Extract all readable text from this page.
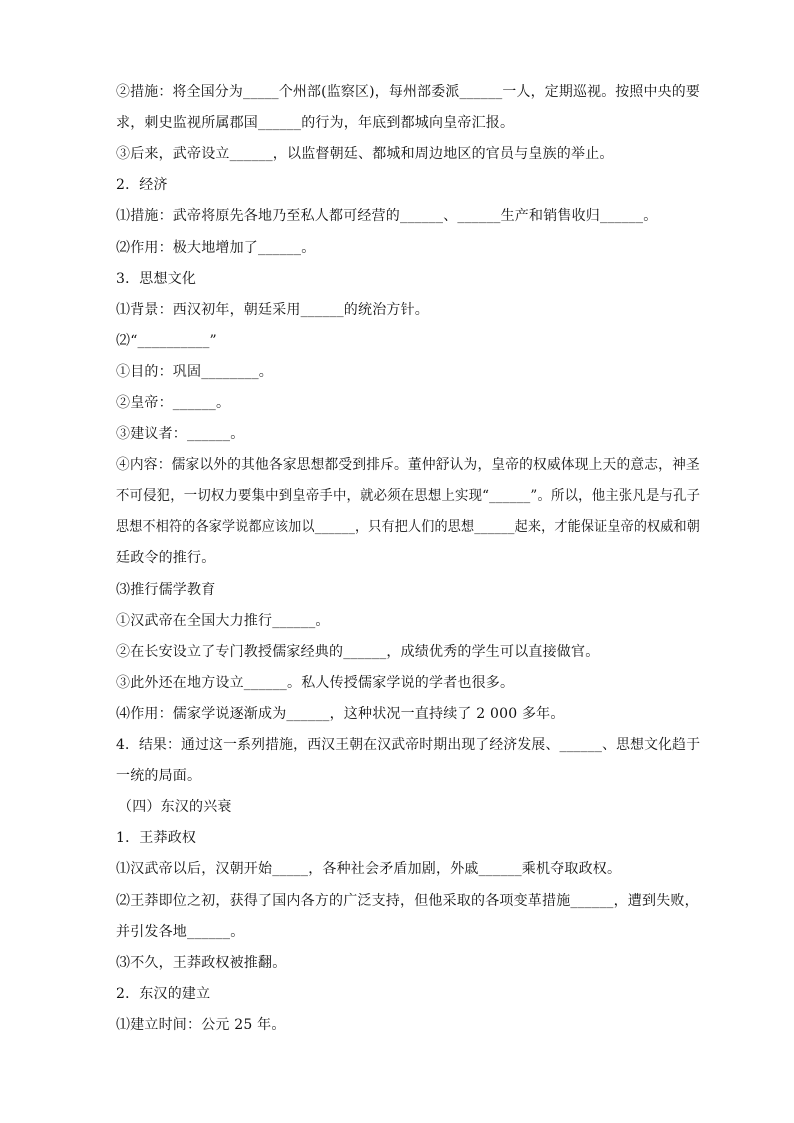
②措施：将全国分为_____个州部(监察区)，每州部委派______一人，定期巡视。按照中央的要
求，刺史监视所属郡国______的行为，年底到都城向皇帝汇报。
③后来，武帝设立______，以监督朝廷、都城和周边地区的官员与皇族的举止。
2．经济
⑴措施：武帝将原先各地乃至私人都可经营的______、______生产和销售收归______。
⑵作用：极大地增加了______。
3．思想文化
⑴背景：西汉初年，朝廷采用______的统治方针。
⑵“__________”
①目的：巩固________。
②皇帝：______。
③建议者：______。
④内容：儒家以外的其他各家思想都受到排斥。董仲舒认为，皇帝的权威体现上天的意志，神圣
不可侵犯，一切权力要集中到皇帝手中，就必须在思想上实现“______”。所以，他主张凡是与孔子
思想不相符的各家学说都应该加以______，只有把人们的思想______起来，才能保证皇帝的权威和朝
廷政令的推行。
⑶推行儒学教育
①汉武帝在全国大力推行______。
②在长安设立了专门教授儒家经典的______，成绩优秀的学生可以直接做官。
③此外还在地方设立______。私人传授儒家学说的学者也很多。
⑷作用：儒家学说逐渐成为______，这种状况一直持续了 2 000 多年。
4．结果：通过这一系列措施，西汉王朝在汉武帝时期出现了经济发展、______、思想文化趋于
一统的局面。
（四）东汉的兴衰
1．王莽政权
⑴汉武帝以后，汉朝开始_____，各种社会矛盾加剧，外戚______乘机夺取政权。
⑵王莽即位之初，获得了国内各方的广泛支持，但他采取的各项变革措施______，遭到失败，
并引发各地______。
⑶不久，王莽政权被推翻。
2．东汉的建立
⑴建立时间：公元 25 年。
